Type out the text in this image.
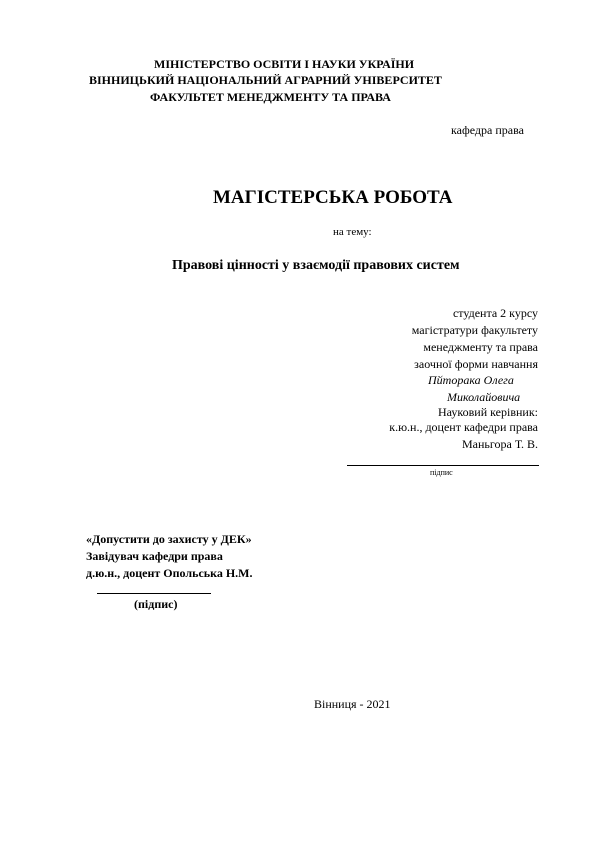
МІНІСТЕРСТВО ОСВІТИ І НАУКИ УКРАЇНИ
ВІННИЦЬКИЙ НАЦІОНАЛЬНИЙ АГРАРНИЙ УНІВЕРСИТЕТ
ФАКУЛЬТЕТ МЕНЕДЖМЕНТУ ТА ПРАВА
кафедра права
МАГІСТЕРСЬКА РОБОТА
на тему:
Правові цінності у взаємодії правових систем
студента 2 курсу
магістратури факультету
менеджменту та права
заочної форми навчання
Пйторака Олега
Миколайовича
Науковий керівник:
к.ю.н., доцент кафедри права
Маньгора Т. В.
підпис
«Допустити до захисту у ДЕК»
Завідувач кафедри права
д.ю.н., доцент Опольська Н.М.
(підпис)
Вінниця - 2021
